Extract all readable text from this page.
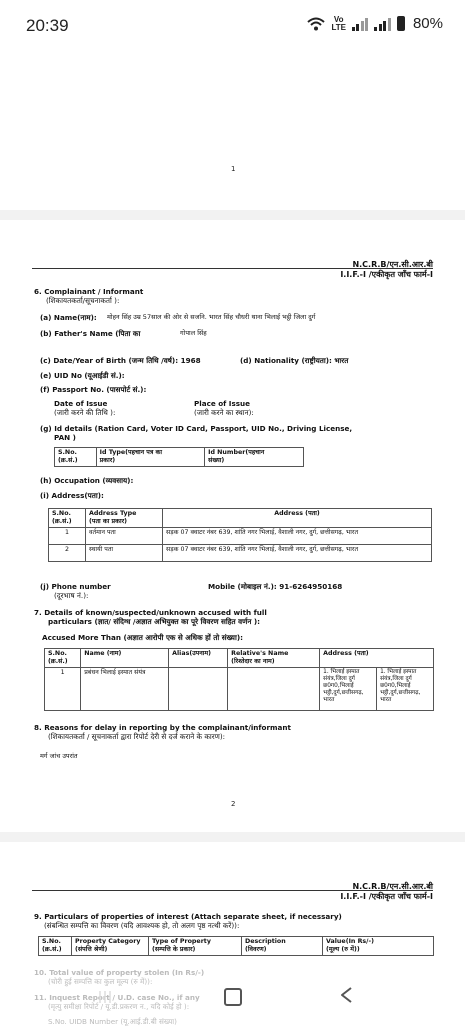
20:39	Vo
LTE	80%
1
N.C.R.B/एन.सी.आर.बी
I.I.F.-I /एकीकृत जाँच फार्म-I
6. Complainant / Informant
(शिकायतकर्ता/सूचनाकर्ता ):
(a) Name(नाम): मोहन सिंह उम्र 57साल की ओर से सजनि. भारत सिंह चौधरी थाना भिलाई भट्ठी जिला दुर्ग
(b) Father's Name (पिता का	गोपाल सिंह
(c) Date/Year of Birth (जन्म तिथि /वर्ष): 1968	(d) Nationality (राष्ट्रीयता): भारत
(e) UID No (यूआईडी सं.):
(f) Passport No. (पासपोर्ट सं.):
Date of Issue
(जारी करने की तिथि ):
Place of Issue
(जारी करने का स्थान):
(g) Id details (Ration Card, Voter ID Card, Passport, UID No., Driving License,
PAN )
S.No.
(क्र.सं.)	Id Type(पहचान पत्र का
प्रकार)	Id Number(पहचान
संख्या)
(h) Occupation (व्यवसाय):
(i) Address(पता):
S.No.
(क्र.सं.)	Address Type
(पता का प्रकार)	Address (पता)
1	वर्तमान पता	सड़क 07 क्वाटर नंबर 639, शांति नगर भिलाई, वैशाली नगर, दुर्ग, छत्तीसगढ़, भारत
2	स्थायी पता	सड़क 07 क्वाटर नंबर 639, शांति नगर भिलाई, वैशाली नगर, दुर्ग, छत्तीसगढ़, भारत
(j) Phone number
(दूरभाष नं.):
Mobile (मोबाइल नं.): 91-6264950168
7. Details of known/suspected/unknown accused with full
particulars (ज्ञात/ संदिग्ध /अज्ञात अभियुक्त का पूरे विवरण सहित वर्णन ):
Accused More Than (अज्ञात आरोपी एक से अधिक हों तो संख्या):
S.No.
(क्र.सं.)	Name (नाम)	Alias(उपनाम)	Relative's Name
(रिश्तेदार का नाम)	Address (पता)	
1	प्रबंधन भिलाई इस्पात संयंत्र			1. भिलाई इस्पात संयंत्र,जिला दुर्ग छ0ग0,भिलाई भट्ठी,दुर्ग,छत्तीसगढ़, भारत	1. भिलाई इस्पात संयंत्र,जिला दुर्ग छ0ग0,भिलाई भट्ठी,दुर्ग,छत्तीसगढ़, भारत
8. Reasons for delay in reporting by the complainant/informant
(शिकायतकर्ता / सूचनाकर्ता द्वारा रिपोर्ट देरी से दर्ज कराने के कारण):
मर्ग जांच उपरांत
2
N.C.R.B/एन.सी.आर.बी
I.I.F.-I /एकीकृत जाँच फार्म-I
9. Particulars of properties of interest (Attach separate sheet, if necessary)
(संबन्धित सम्पत्ति का विवरण (यदि आवश्यक हो, तो अलग पृष्ठ नत्थी करें)):
S.No.
(क्र.सं.)	Property Category
(संपत्ति श्रेणी)	Type of Property
(सम्पत्ति के प्रकार)	Description
(विवरण)	Value(In Rs/-)
(मूल्य (रु में))
10. Total value of property stolen (In Rs/-)
(चोरी हुई सम्पत्ति का कुल मूल्य (रु में)):
11. Inquest Report / U.D. case No., if any
(मृत्यु समीक्षा रिपोर्ट / यू.डी.प्रकरण न., यदि कोई हो ):
S.No. UIDB Number (यू.आई.डी.बी संख्या)
